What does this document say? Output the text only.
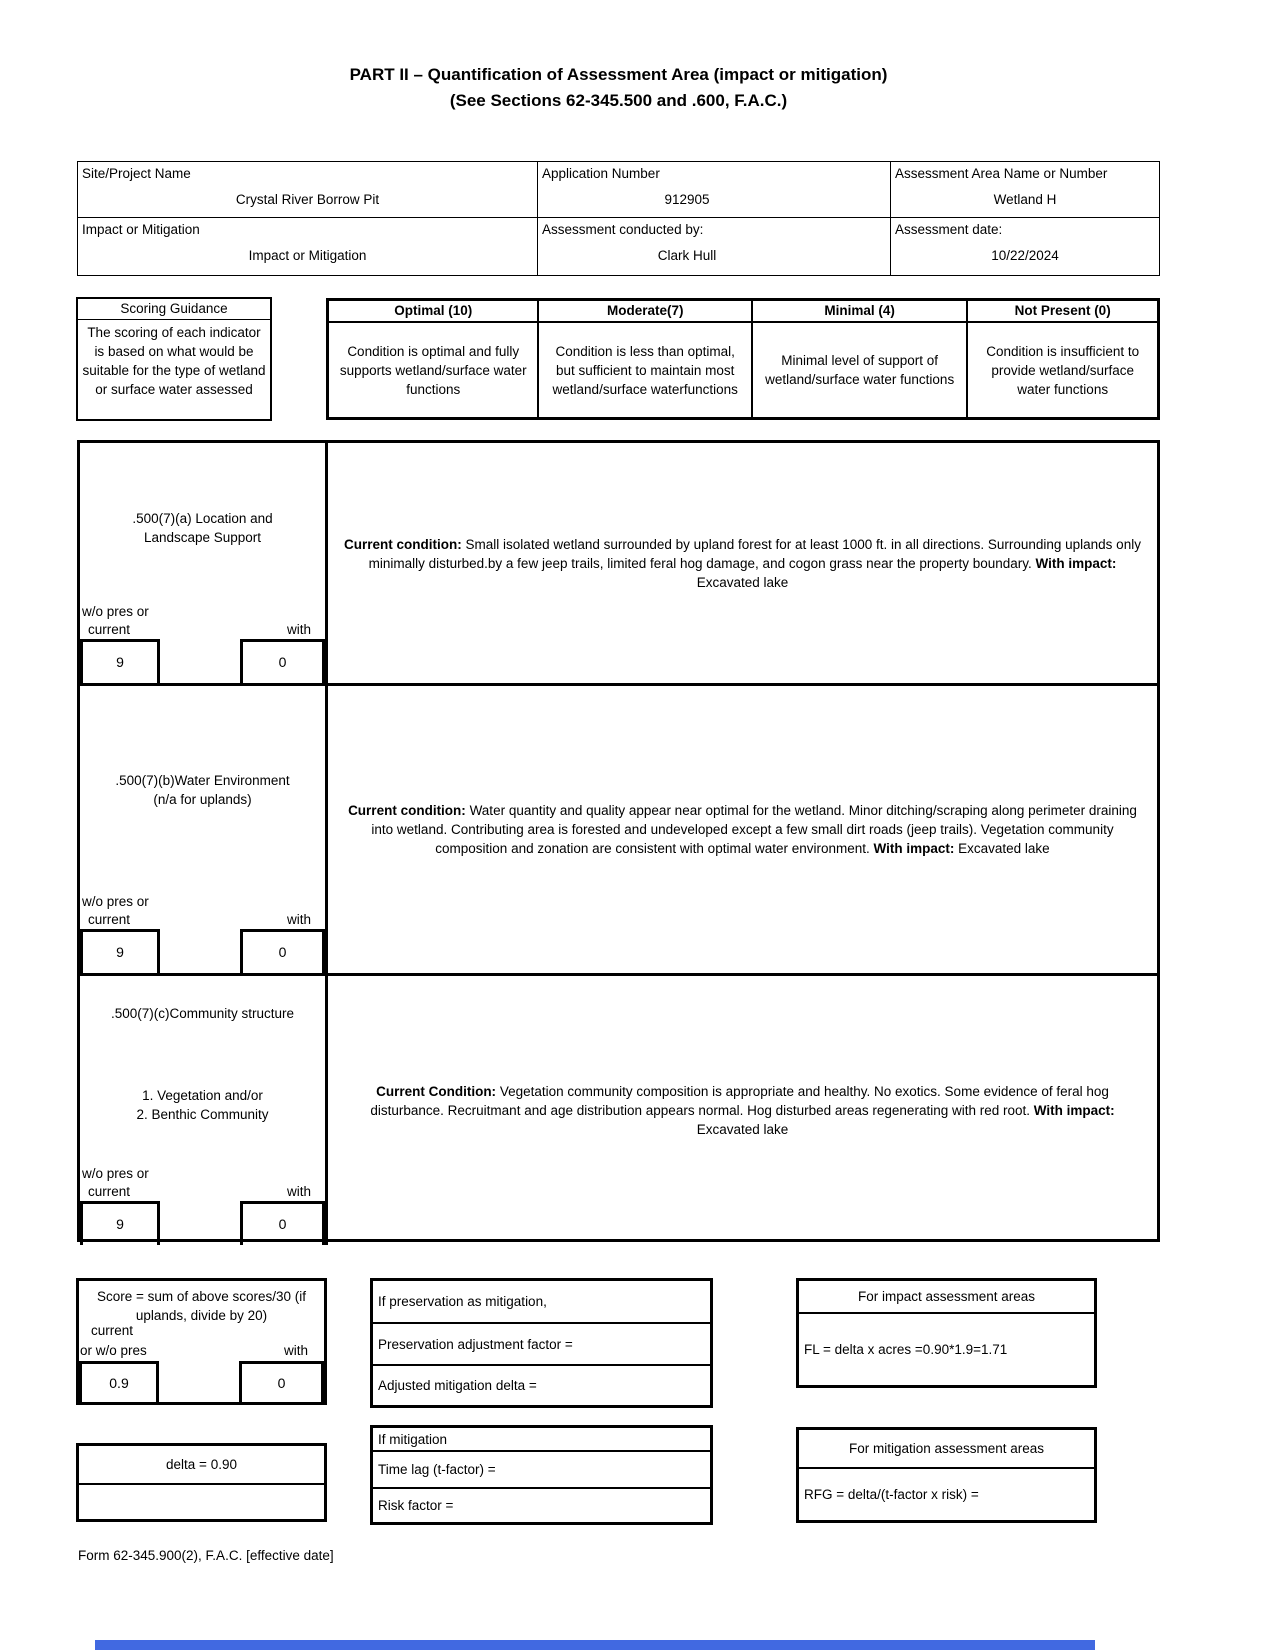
PART II – Quantification of Assessment Area (impact or mitigation)
(See Sections 62-345.500 and .600, F.A.C.)
Site/Project Name
Crystal River Borrow Pit
Application Number
912905
Assessment Area Name or Number
Wetland H
Impact or Mitigation
Impact or Mitigation
Assessment conducted by:
Clark Hull
Assessment date:
10/22/2024
Scoring Guidance
The scoring of each indicator is based on what would be suitable for the type of wetland or surface water assessed
Optimal (10)
Condition is optimal and fully supports wetland/surface water functions
Moderate(7)
Condition is less than optimal, but sufficient to maintain most wetland/surface waterfunctions
Minimal (4)
Minimal level of support of wetland/surface water functions
Not Present (0)
Condition is insufficient to provide wetland/surface water functions
.500(7)(a) Location and
Landscape Support
w/o pres or
current	with
9	0
Current condition: Small isolated wetland surrounded by upland forest for at least 1000 ft. in all directions. Surrounding uplands only minimally disturbed.by a few jeep trails, limited feral hog damage, and cogon grass near the property boundary. With impact: Excavated lake
.500(7)(b)Water Environment
(n/a for uplands)
w/o pres or
current	with
9	0
Current condition: Water quantity and quality appear near optimal for the wetland. Minor ditching/scraping along perimeter draining into wetland. Contributing area is forested and undeveloped except a few small dirt roads (jeep trails). Vegetation community composition and zonation are consistent with optimal water environment. With impact: Excavated lake
.500(7)(c)Community structure
1. Vegetation and/or
2. Benthic Community
w/o pres or
current	with
9	0
Current Condition: Vegetation community composition is appropriate and healthy. No exotics. Some evidence of feral hog disturbance. Recruitmant and age distribution appears normal. Hog disturbed areas regenerating with red root. With impact: Excavated lake
Score = sum of above scores/30 (if uplands, divide by 20)
current
or w/o pres	with
0.9	0
delta = 0.90
If preservation as mitigation,
Preservation adjustment factor =
Adjusted mitigation delta =
If mitigation
Time lag (t-factor) =
Risk factor =
For impact assessment areas
FL = delta x acres =0.90*1.9=1.71
For mitigation assessment areas
RFG = delta/(t-factor x risk) =
Form 62-345.900(2), F.A.C. [effective date]
